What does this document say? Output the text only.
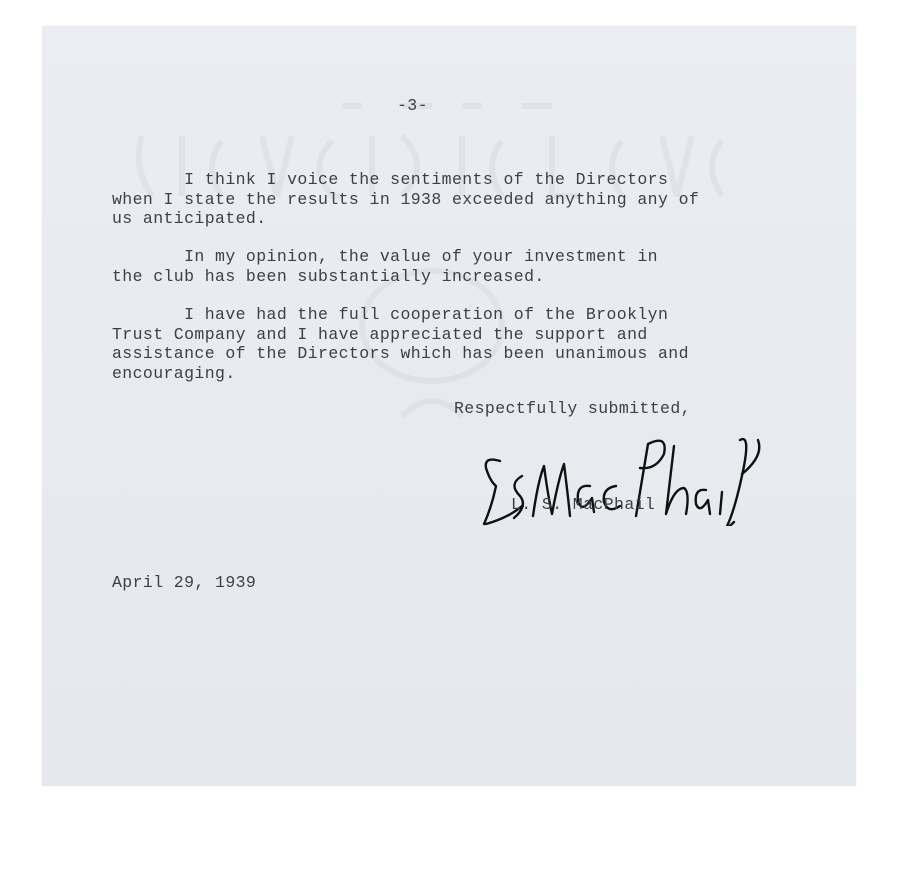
-3-
I think I voice the sentiments of the Directors
when I state the results in 1938 exceeded anything any of
us anticipated.
In my opinion, the value of your investment in
the club has been substantially increased.
I have had the full cooperation of the Brooklyn
Trust Company and I have appreciated the support and
assistance of the Directors which has been unanimous and
encouraging.
Respectfully submitted,
L. S. MacPhail
April 29, 1939
